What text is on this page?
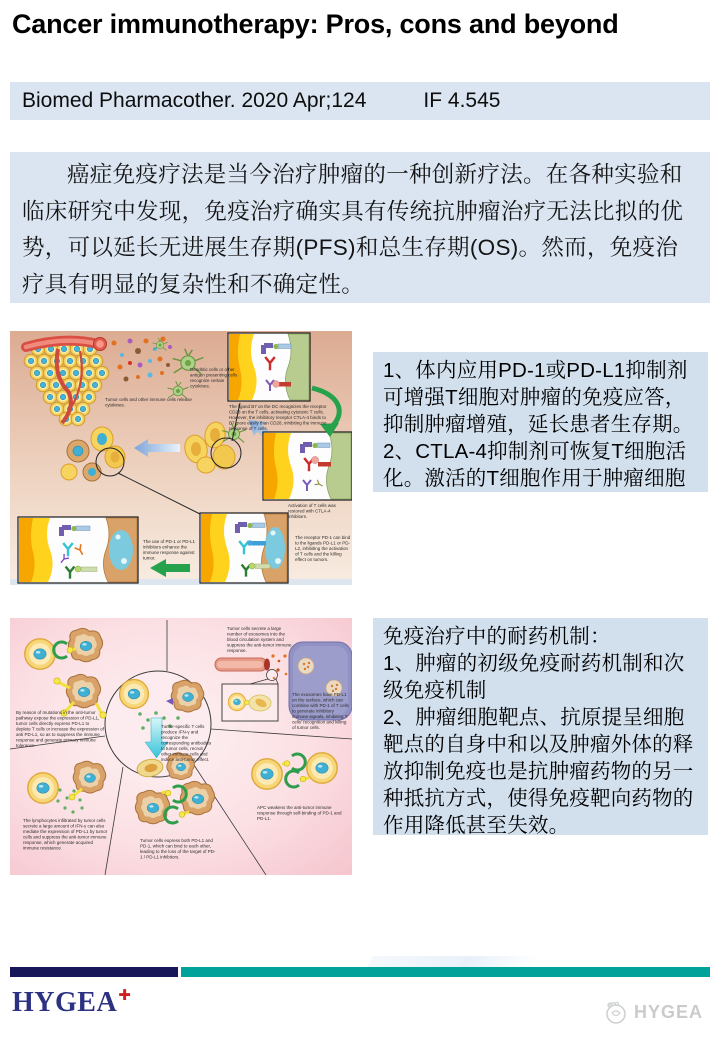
Cancer immunotherapy: Pros, cons and beyond
Biomed Pharmacother. 2020 Apr;124	IF 4.545

癌症免疫疗法是当今治疗肿瘤的一种创新疗法。在各种实验和临床研究中发现，免疫治疗确实具有传统抗肿瘤治疗无法比拟的优势，可以延长无进展生存期(PFS)和总生存期(OS)。然而，免疫治疗具有明显的复杂性和不确定性。

Tumor cells and other immune cells release cytokines.
Dendritic cells or other antigen presenting cells recognize certain cytokines.
The ligand B7 on the DC recognizes the receptor CD28 on the T cells, activating cytotoxic T cells. However, the inhibitory receptor CTLA-4 binds to B7 more easily than CD28, inhibiting the immune response of T cells.
Activation of T cells was restored with CTLA-4 inhibitors.
The receptor PD-1 can bind to the ligands PD-L1 or PD-L2, inhibiting the activation of T cells and the killing effect on tumors.
The use of PD-1 or PD-L1 inhibitors enhance the immune response against tumor.

1、体内应用PD-1或PD-L1抑制剂可增强T细胞对肿瘤的免疫应答，抑制肿瘤增殖，延长患者生存期。

2、CTLA-4抑制剂可恢复T细胞活化。激活的T细胞作用于肿瘤细胞

By reason of mutations in the anti-tumor pathway expose the expression of PD-L1, tumor cells directly express PD-L1 to deplete T cells or increase the expression of anti PD-L1, so as to suppress the immune response and generate primary immune tolerance.
Tumor cells secrete a large number of exosomes into the blood circulation system and suppress the anti-tumor immune response.
The exosomes have PD-L1 on the surface, which can combine with PD-1 of T cells to generate inhibitory immune signals, inhibiting T cells' recognition and killing of tumor cells.
Tumor-specific T cells produce IFN-γ and recognize the corresponding antibodies to tumor cells, recruit other immune cells and induce anti-tumor effect.
The lymphocytes infiltrated by tumor cells secrete a large amount of IFN-γ can also mediate the expression of PD-L1 by tumor cells and suppress the anti-tumor immune response, which generate acquired immune resistance.
Tumor cells express both PD-L1 and PD-1, which can bind to each other, leading to the loss of the target of PD-1 / PD-L1 inhibitors.
APC weakens the anti-tumor immune response through self-binding of PD-1 and PD-L1.

免疫治疗中的耐药机制：

1、肿瘤的初级免疫耐药机制和次级免疫机制

2、肿瘤细胞靶点、抗原提呈细胞靶点的自身中和以及肿瘤外体的释放抑制免疫也是抗肿瘤药物的另一种抵抗方式，使得免疫靶向药物的作用降低甚至失效。

HYGEA✚
HYGEA
